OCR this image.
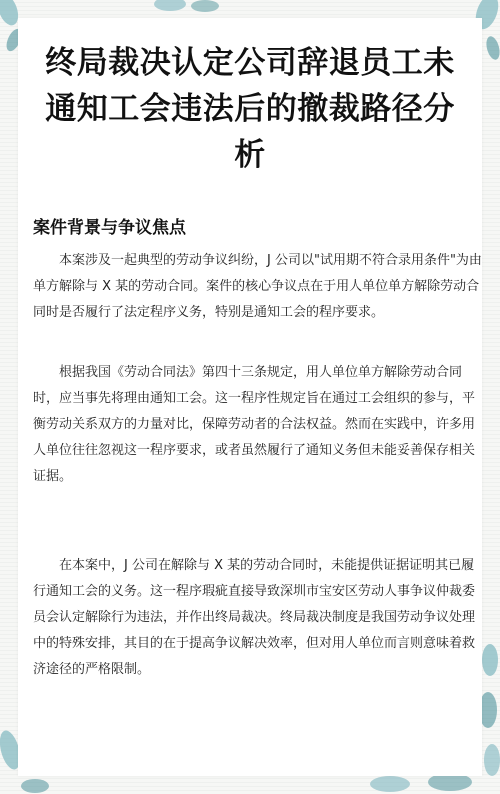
终局裁决认定公司辞退员工未
通知工会违法后的撤裁路径分
析
案件背景与争议焦点
本案涉及一起典型的劳动争议纠纷，J 公司以"试用期不符合录用条件"为由
单方解除与 X 某的劳动合同。案件的核心争议点在于用人单位单方解除劳动合
同时是否履行了法定程序义务，特别是通知工会的程序要求。
根据我国《劳动合同法》第四十三条规定，用人单位单方解除劳动合同
时，应当事先将理由通知工会。这一程序性规定旨在通过工会组织的参与，平
衡劳动关系双方的力量对比，保障劳动者的合法权益。然而在实践中，许多用
人单位往往忽视这一程序要求，或者虽然履行了通知义务但未能妥善保存相关
证据。
在本案中，J 公司在解除与 X 某的劳动合同时，未能提供证据证明其已履
行通知工会的义务。这一程序瑕疵直接导致深圳市宝安区劳动人事争议仲裁委
员会认定解除行为违法，并作出终局裁决。终局裁决制度是我国劳动争议处理
中的特殊安排，其目的在于提高争议解决效率，但对用人单位而言则意味着救
济途径的严格限制。
